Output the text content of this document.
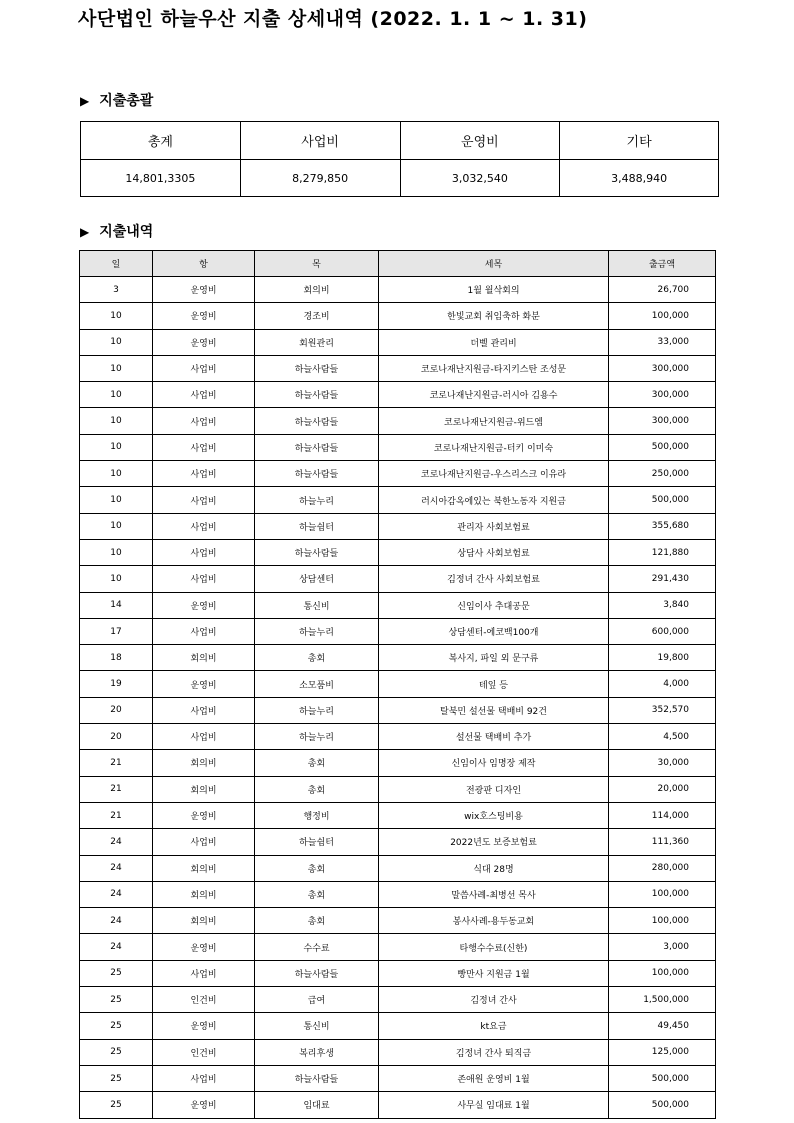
사단법인 하늘우산 지출 상세내역 (2022. 1. 1 ~ 1. 31)
▶ 지출총괄
총계	사업비	운영비	기타
14,801,3305	8,279,850	3,032,540	3,488,940
▶ 지출내역
일	항	목	세목	출금액
3	운영비	회의비	1월 월삭회의	26,700
10	운영비	경조비	한빛교회 취임축하 화분	100,000
10	운영비	회원관리	더벨 관리비	33,000
10	사업비	하늘사람들	코로나재난지원금-타지키스탄 조성문	300,000
10	사업비	하늘사람들	코로나재난지원금-러시아 김용수	300,000
10	사업비	하늘사람들	코로나재난지원금-위드엠	300,000
10	사업비	하늘사람들	코로나재난지원금-터키 이미숙	500,000
10	사업비	하늘사람들	코로나재난지원금-우스리스크 이유라	250,000
10	사업비	하늘누리	러시아감옥에있는 북한노동자 지원금	500,000
10	사업비	하늘쉼터	관리자 사회보험료	355,680
10	사업비	하늘사람들	상담사 사회보험료	121,880
10	사업비	상담센터	김정녀 간사 사회보험료	291,430
14	운영비	통신비	신임이사 추대공문	3,840
17	사업비	하늘누리	상담센터-에코백100개	600,000
18	회의비	총회	복사지, 파일 외 문구류	19,800
19	운영비	소모품비	테잎 등	4,000
20	사업비	하늘누리	탈북민 설선물 택배비 92건	352,570
20	사업비	하늘누리	설선물 택배비 추가	4,500
21	회의비	총회	신임이사 임명장 제작	30,000
21	회의비	총회	전광판 디자인	20,000
21	운영비	행정비	wix호스팅비용	114,000
24	사업비	하늘쉼터	2022년도 보증보험료	111,360
24	회의비	총회	식대 28명	280,000
24	회의비	총회	말씀사례-최병선 목사	100,000
24	회의비	총회	봉사사례-용두동교회	100,000
24	운영비	수수료	타행수수료(신한)	3,000
25	사업비	하늘사람들	빵만사 지원금 1월	100,000
25	인건비	급여	김정녀 간사	1,500,000
25	운영비	통신비	kt요금	49,450
25	인건비	복리후생	김정녀 간사 퇴직금	125,000
25	사업비	하늘사람들	존애원 운영비 1월	500,000
25	운영비	임대료	사무실 임대료 1월	500,000
